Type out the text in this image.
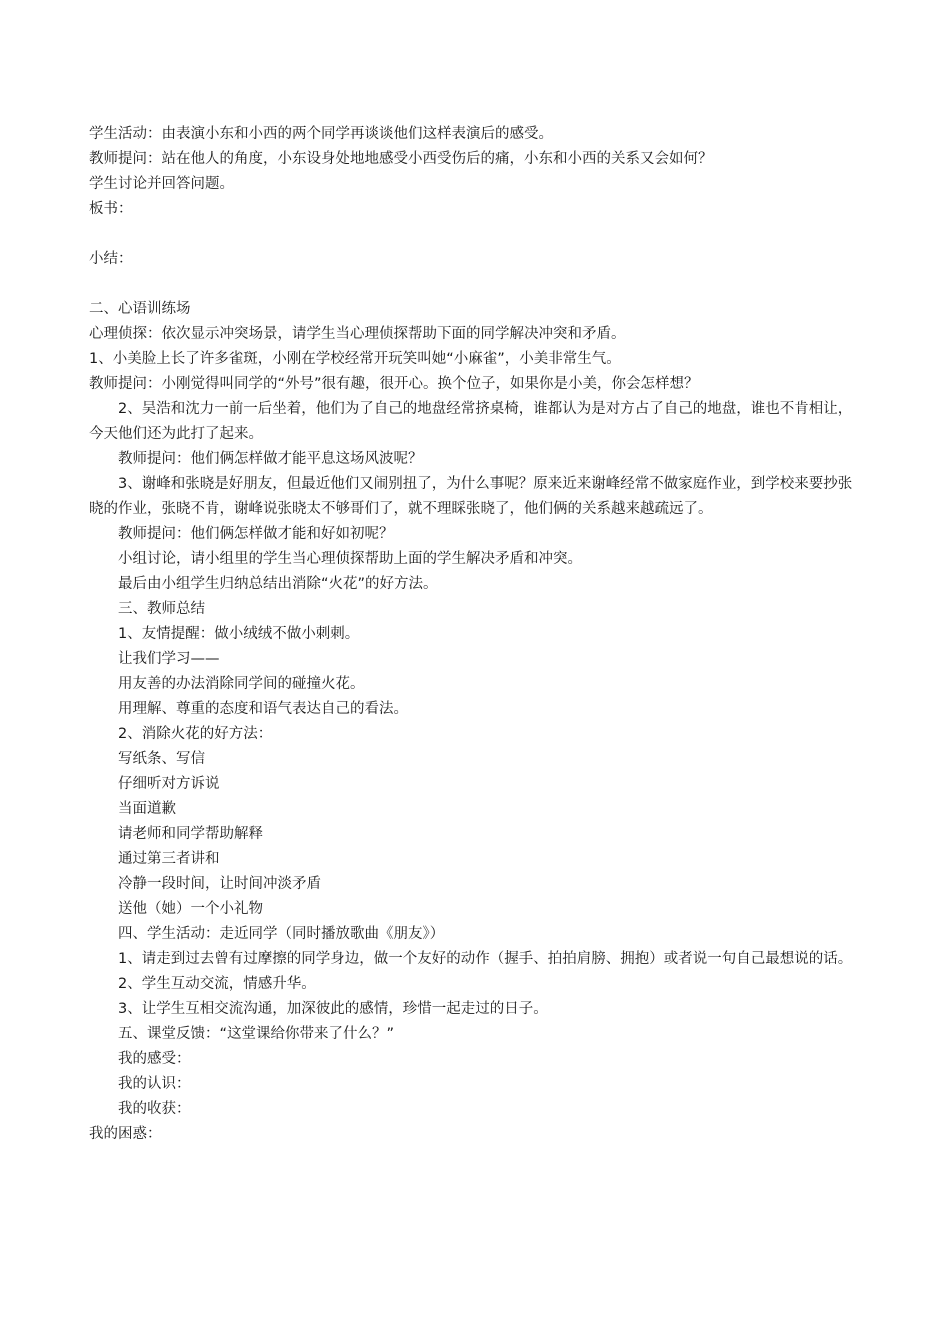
学生活动：由表演小东和小西的两个同学再谈谈他们这样表演后的感受。

教师提问：站在他人的角度，小东设身处地地感受小西受伤后的痛，小东和小西的关系又会如何？

学生讨论并回答问题。

板书：

小结：

二、心语训练场

心理侦探：依次显示冲突场景，请学生当心理侦探帮助下面的同学解决冲突和矛盾。

1、小美脸上长了许多雀斑，小刚在学校经常开玩笑叫她“小麻雀”，小美非常生气。

教师提问：小刚觉得叫同学的“外号”很有趣，很开心。换个位子，如果你是小美，你会怎样想？

2、吴浩和沈力一前一后坐着，他们为了自己的地盘经常挤桌椅，谁都认为是对方占了自己的地盘，谁也不肯相让，今天他们还为此打了起来。

教师提问：他们俩怎样做才能平息这场风波呢？

3、谢峰和张晓是好朋友，但最近他们又闹别扭了，为什么事呢？原来近来谢峰经常不做家庭作业，到学校来要抄张晓的作业，张晓不肯，谢峰说张晓太不够哥们了，就不理睬张晓了，他们俩的关系越来越疏远了。

教师提问：他们俩怎样做才能和好如初呢？

小组讨论，请小组里的学生当心理侦探帮助上面的学生解决矛盾和冲突。

最后由小组学生归纳总结出消除“火花”的好方法。

三、教师总结

1、友情提醒：做小绒绒不做小刺刺。

让我们学习——

用友善的办法消除同学间的碰撞火花。

用理解、尊重的态度和语气表达自己的看法。

2、消除火花的好方法：

写纸条、写信

仔细听对方诉说

当面道歉

请老师和同学帮助解释

通过第三者讲和

冷静一段时间，让时间冲淡矛盾

送他（她）一个小礼物

四、学生活动：走近同学（同时播放歌曲《朋友》）

1、请走到过去曾有过摩擦的同学身边，做一个友好的动作（握手、拍拍肩膀、拥抱）或者说一句自己最想说的话。

2、学生互动交流，情感升华。

3、让学生互相交流沟通，加深彼此的感情，珍惜一起走过的日子。

五、课堂反馈：“这堂课给你带来了什么？”

我的感受：

我的认识：

我的收获：

我的困惑：
